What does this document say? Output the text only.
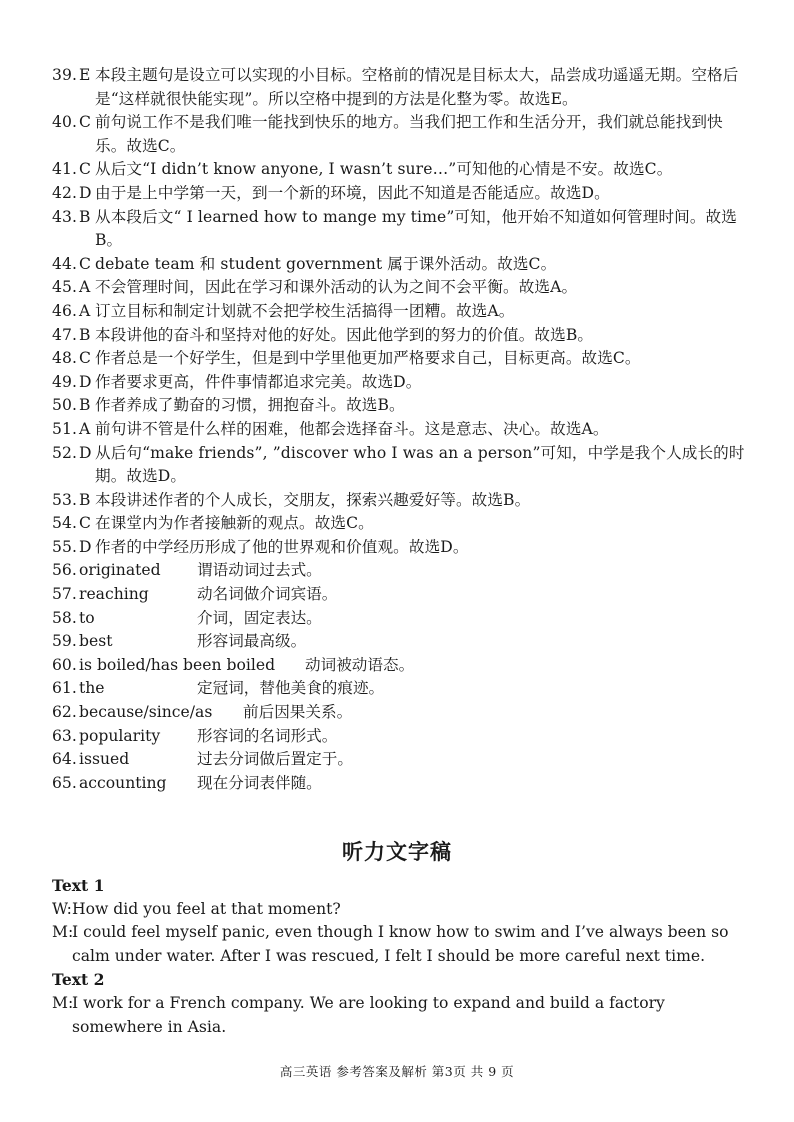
39. E 本段主题句是设立可以实现的小目标。空格前的情况是目标太大，品尝成功遥遥无期。空格后是“这样就很快能实现”。所以空格中提到的方法是化整为零。故选E。
40. C 前句说工作不是我们唯一能找到快乐的地方。当我们把工作和生活分开，我们就总能找到快乐。故选C。
41. C 从后文“I didn’t know anyone, I wasn’t sure…”可知他的心情是不安。故选C。
42. D 由于是上中学第一天，到一个新的环境，因此不知道是否能适应。故选D。
43. B 从本段后文“ I learned how to mange my time”可知，他开始不知道如何管理时间。故选B。
44. C debate team 和 student government 属于课外活动。故选C。
45. A 不会管理时间，因此在学习和课外活动的认为之间不会平衡。故选A。
46. A 订立目标和制定计划就不会把学校生活搞得一团糟。故选A。
47. B 本段讲他的奋斗和坚持对他的好处。因此他学到的努力的价值。故选B。
48. C 作者总是一个好学生，但是到中学里他更加严格要求自己，目标更高。故选C。
49. D 作者要求更高，件件事情都追求完美。故选D。
50. B 作者养成了勤奋的习惯，拥抱奋斗。故选B。
51. A 前句讲不管是什么样的困难，他都会选择奋斗。这是意志、决心。故选A。
52. D 从后句“make friends”, ”discover who I was an a person”可知，中学是我个人成长的时期。故选D。
53. B 本段讲述作者的个人成长，交朋友，探索兴趣爱好等。故选B。
54. C 在课堂内为作者接触新的观点。故选C。
55. D 作者的中学经历形成了他的世界观和价值观。故选D。
56. originated	谓语动词过去式。
57. reaching	动名词做介词宾语。
58. to	介词，固定表达。
59. best	形容词最高级。
60. is boiled/has been boiled	动词被动语态。
61. the	定冠词，替他美食的痕迹。
62. because/since/as	前后因果关系。
63. popularity	形容词的名词形式。
64. issued	过去分词做后置定于。
65. accounting	现在分词表伴随。
听力文字稿
Text 1
W: How did you feel at that moment?
M:
I could feel myself panic, even though I know how to swim and I’ve always been so calm under water. After I was rescued, I felt I should be more careful next time.
Text 2
M:
I work for a French company. We are looking to expand and build a factory somewhere in Asia.
高三英语 参考答案及解析 第3页 共 9 页
